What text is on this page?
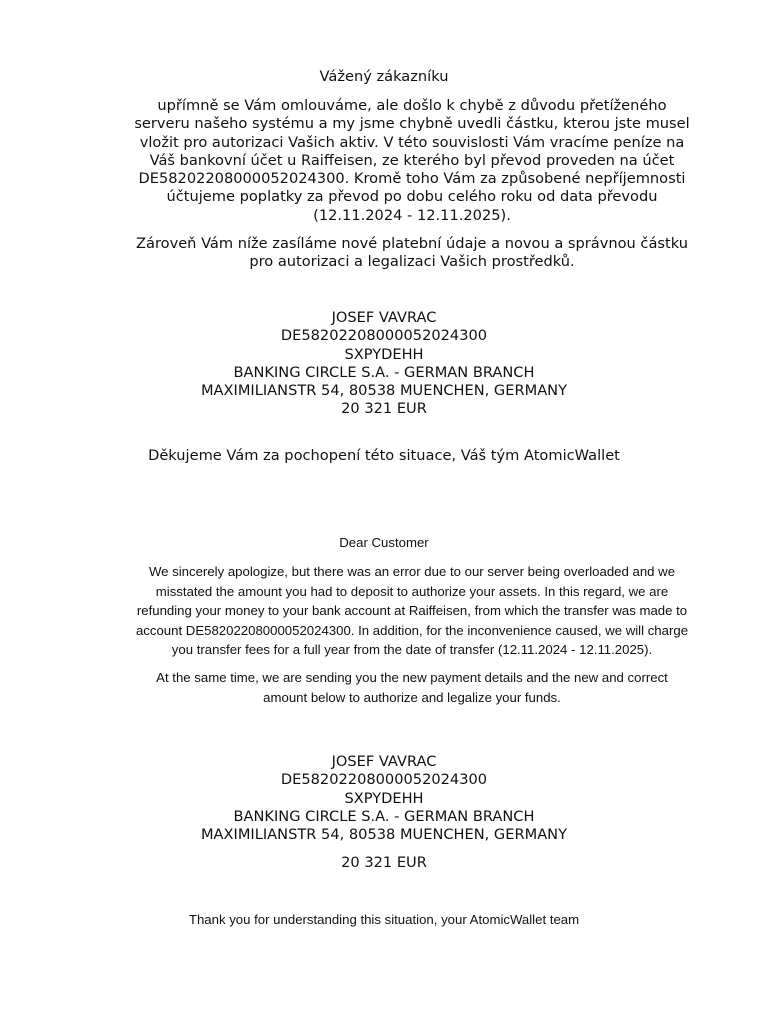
Vážený zákazníku

upřímně se Vám omlouváme, ale došlo k chybě z důvodu přetíženého
serveru našeho systému a my jsme chybně uvedli částku, kterou jste musel
vložit pro autorizaci Vašich aktiv. V této souvislosti Vám vracíme peníze na
Váš bankovní účet u Raiffeisen, ze kterého byl převod proveden na účet
DE58202208000052024300. Kromě toho Vám za způsobené nepříjemnosti
účtujeme poplatky za převod po dobu celého roku od data převodu
(12.11.2024 - 12.11.2025).
Zároveň Vám níže zasíláme nové platební údaje a novou a správnou částku
pro autorizaci a legalizaci Vašich prostředků.
JOSEF VAVRAC
DE58202208000052024300
SXPYDEHH
BANKING CIRCLE S.A. - GERMAN BRANCH
MAXIMILIANSTR 54, 80538 MUENCHEN, GERMANY
20 321 EUR

Děkujeme Vám za pochopení této situace, Váš tým AtomicWallet

Dear Customer

We sincerely apologize, but there was an error due to our server being overloaded and we
misstated the amount you had to deposit to authorize your assets. In this regard, we are
refunding your money to your bank account at Raiffeisen, from which the transfer was made to
account DE58202208000052024300. In addition, for the inconvenience caused, we will charge
you transfer fees for a full year from the date of transfer (12.11.2024 - 12.11.2025).
At the same time, we are sending you the new payment details and the new and correct
amount below to authorize and legalize your funds.
JOSEF VAVRAC
DE58202208000052024300
SXPYDEHH
BANKING CIRCLE S.A. - GERMAN BRANCH
MAXIMILIANSTR 54, 80538 MUENCHEN, GERMANY

20 321 EUR

Thank you for understanding this situation, your AtomicWallet team
